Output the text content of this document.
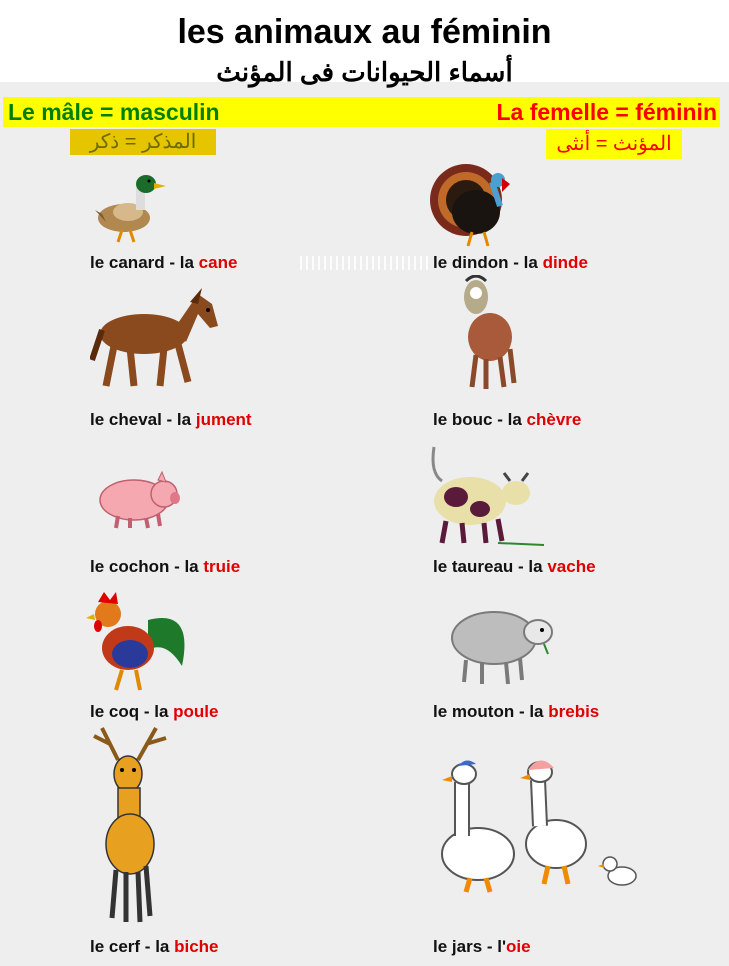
les animaux au féminin
أسماء الحيوانات فى المؤنث
Le mâle = masculin	La femelle = féminin
المذكر = ذكر	المؤنث = أنثى
le canard - la cane	le dindon - la dinde
le cheval - la jument	le bouc - la chèvre
le cochon - la truie	le taureau - la vache
le coq - la poule	le mouton - la brebis
le cerf - la biche	le jars - l'oie
